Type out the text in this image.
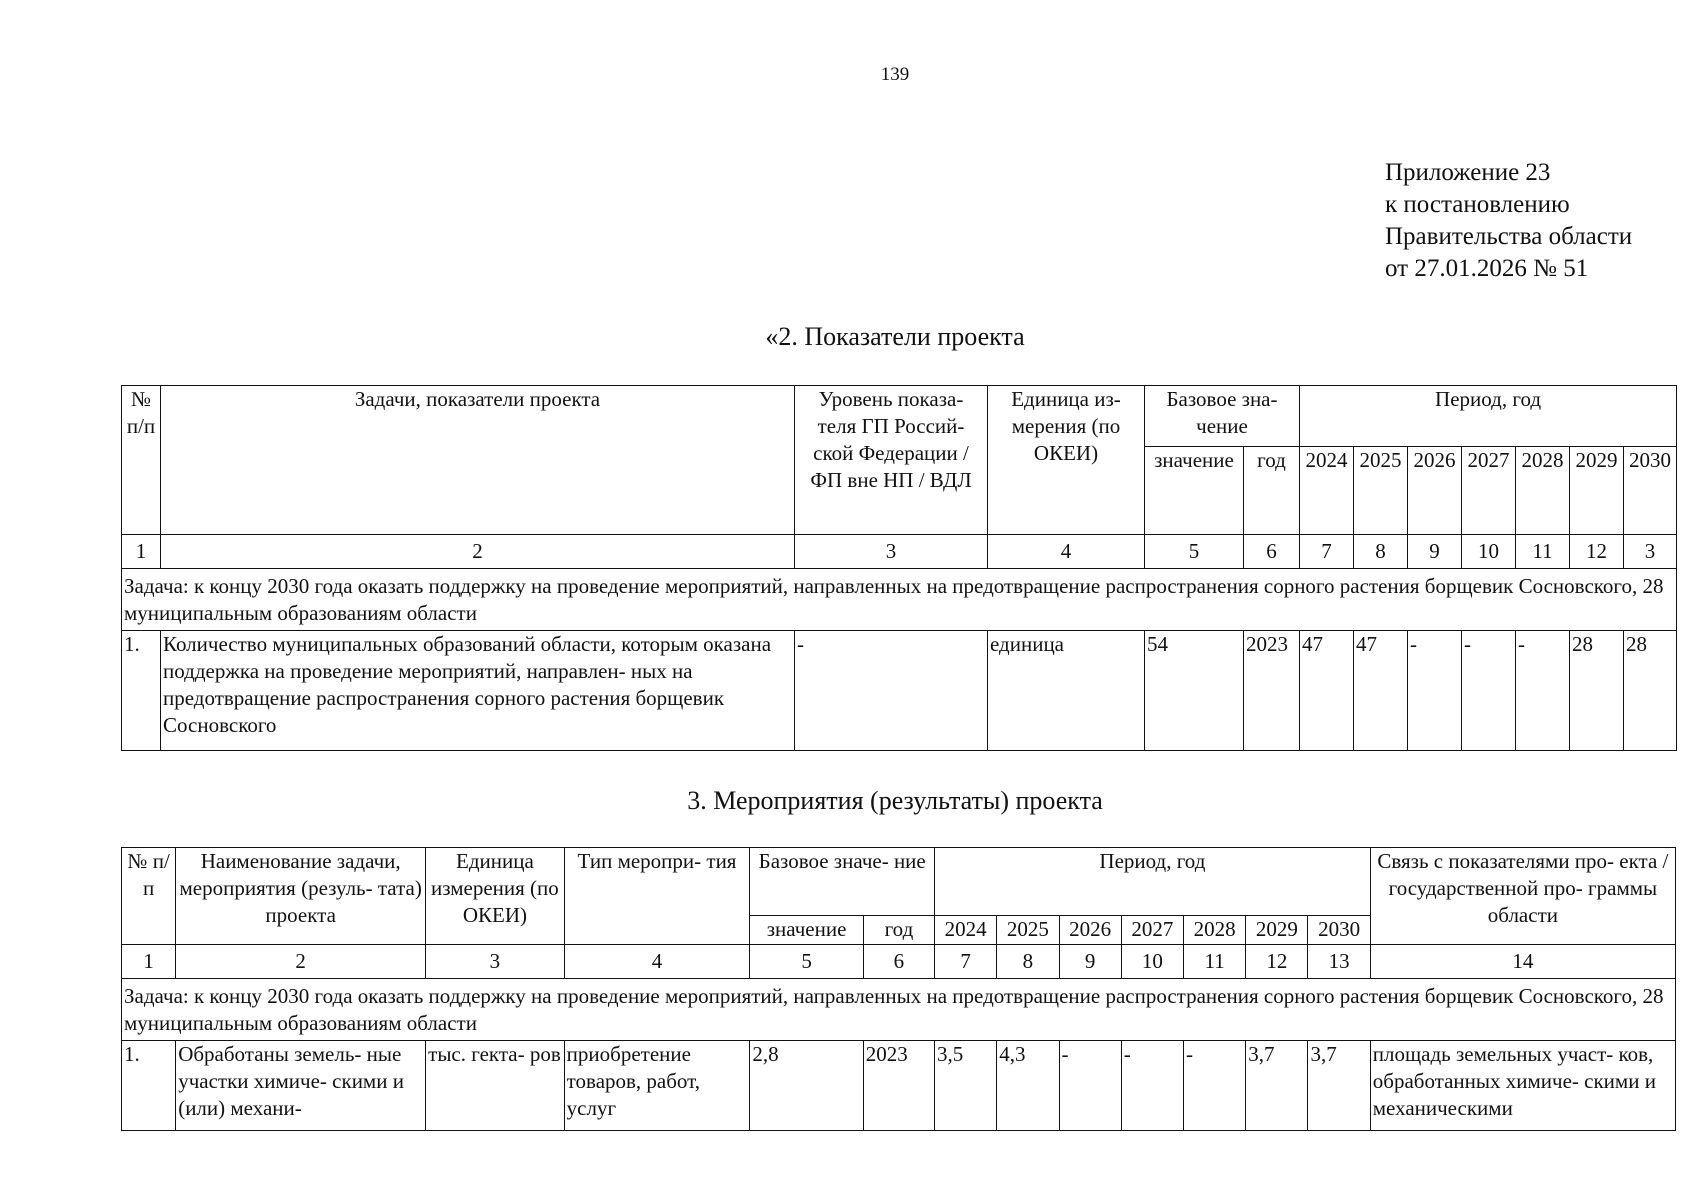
139
Приложение 23
к постановлению
Правительства области
от 27.01.2026 № 51
«2. Показатели проекта
№ п/п	Задачи, показатели проекта	Уровень показа- теля ГП Россий- ской Федерации / ФП вне НП / ВДЛ	Единица из- мерения (по ОКЕИ)	Базовое зна- чение		Период, год						
				значение	год	2024	2025	2026	2027	2028	2029	2030
1	2	3	4	5	6	7	8	9	10	11	12	3
Задача: к концу 2030 года оказать поддержку на проведение мероприятий, направленных на предотвращение распространения сорного растения борщевик Сосновского, 28 муниципальным образованиям области												
1.	Количество муниципальных образований области, которым оказана поддержка на проведение мероприятий, направлен- ных на предотвращение распространения сорного растения борщевик Сосновского	-	единица	54	2023	47	47	-	-	-	28	28
3. Мероприятия (результаты) проекта
№ п/п	Наименование задачи, мероприятия (резуль- тата) проекта	Единица измерения (по ОКЕИ)	Тип меропри- тия	Базовое значе- ние		Период, год							Связь с показателями про- екта / государственной про- граммы области
				значение	год	2024	2025	2026	2027	2028	2029	2030	
1	2	3	4	5	6	7	8	9	10	11	12	13	14
Задача: к концу 2030 года оказать поддержку на проведение мероприятий, направленных на предотвращение распространения сорного растения борщевик Сосновского, 28 муниципальным образованиям области													
1.	Обработаны земель- ные участки химиче- скими и (или) механи-	тыс. гекта- ров	приобретение товаров, работ, услуг	2,8	2023	3,5	4,3	-	-	-	3,7	3,7	площадь земельных участ- ков, обработанных химиче- скими и механическими
